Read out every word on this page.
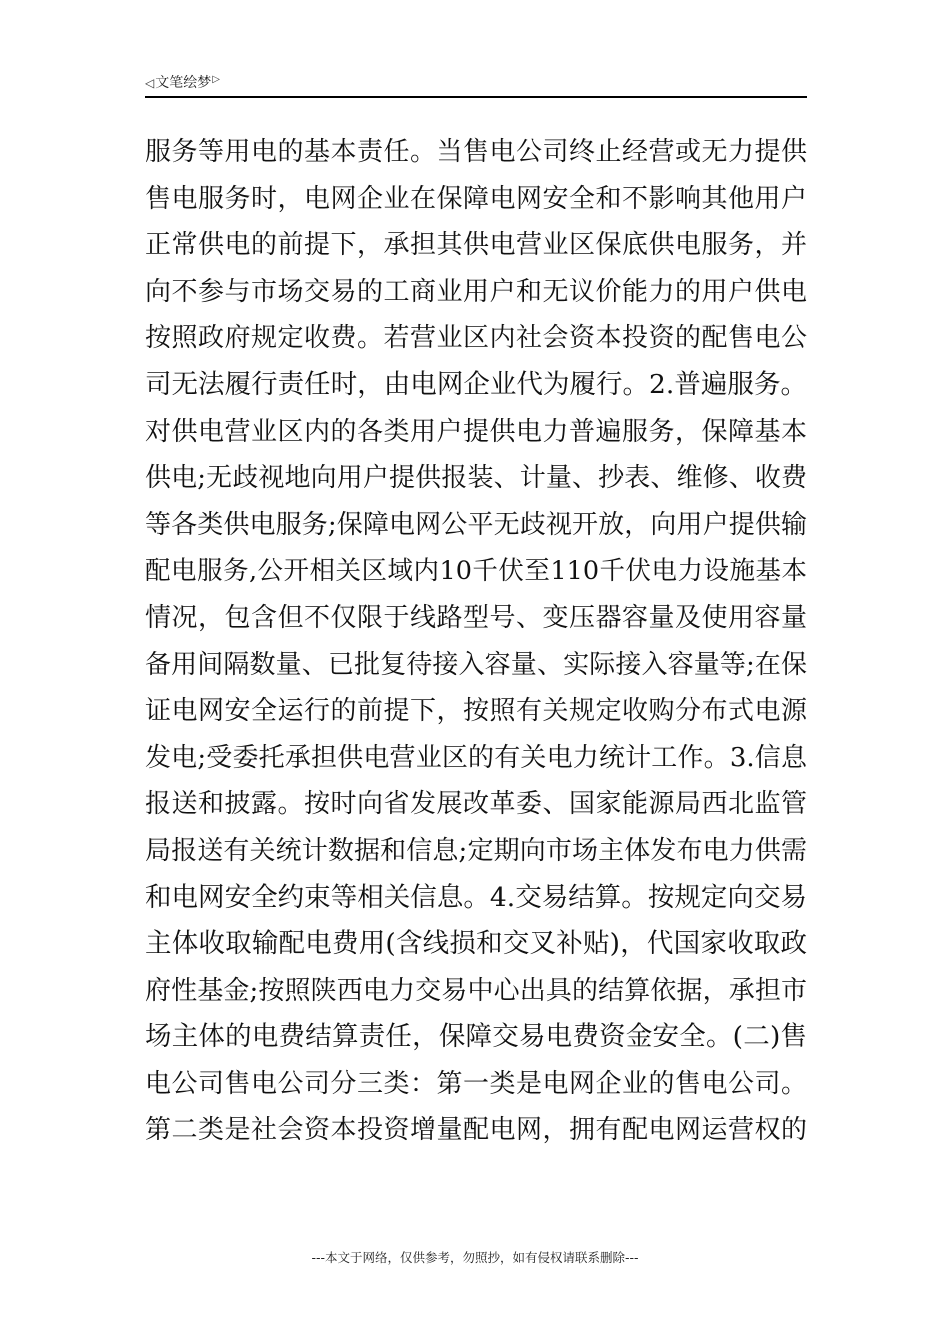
◁ 文笔绘梦 ▷
服务等用电的基本责任。当售电公司终止经营或无力提供
售电服务时，电网企业在保障电网安全和不影响其他用户
正常供电的前提下，承担其供电营业区保底供电服务，并
向不参与市场交易的工商业用户和无议价能力的用户供电
按照政府规定收费。若营业区内社会资本投资的配售电公
司无法履行责任时，由电网企业代为履行。2.普遍服务。
对供电营业区内的各类用户提供电力普遍服务，保障基本
供电;无歧视地向用户提供报装、计量、抄表、维修、收费
等各类供电服务;保障电网公平无歧视开放，向用户提供输
配电服务,公开相关区域内10千伏至110千伏电力设施基本
情况，包含但不仅限于线路型号、变压器容量及使用容量
备用间隔数量、已批复待接入容量、实际接入容量等;在保
证电网安全运行的前提下，按照有关规定收购分布式电源
发电;受委托承担供电营业区的有关电力统计工作。3.信息
报送和披露。按时向省发展改革委、国家能源局西北监管
局报送有关统计数据和信息;定期向市场主体发布电力供需
和电网安全约束等相关信息。4.交易结算。按规定向交易
主体收取输配电费用(含线损和交叉补贴)，代国家收取政
府性基金;按照陕西电力交易中心出具的结算依据，承担市
场主体的电费结算责任，保障交易电费资金安全。(二)售
电公司售电公司分三类：第一类是电网企业的售电公司。
第二类是社会资本投资增量配电网，拥有配电网运营权的
---本文于网络，仅供参考，勿照抄，如有侵权请联系删除---
